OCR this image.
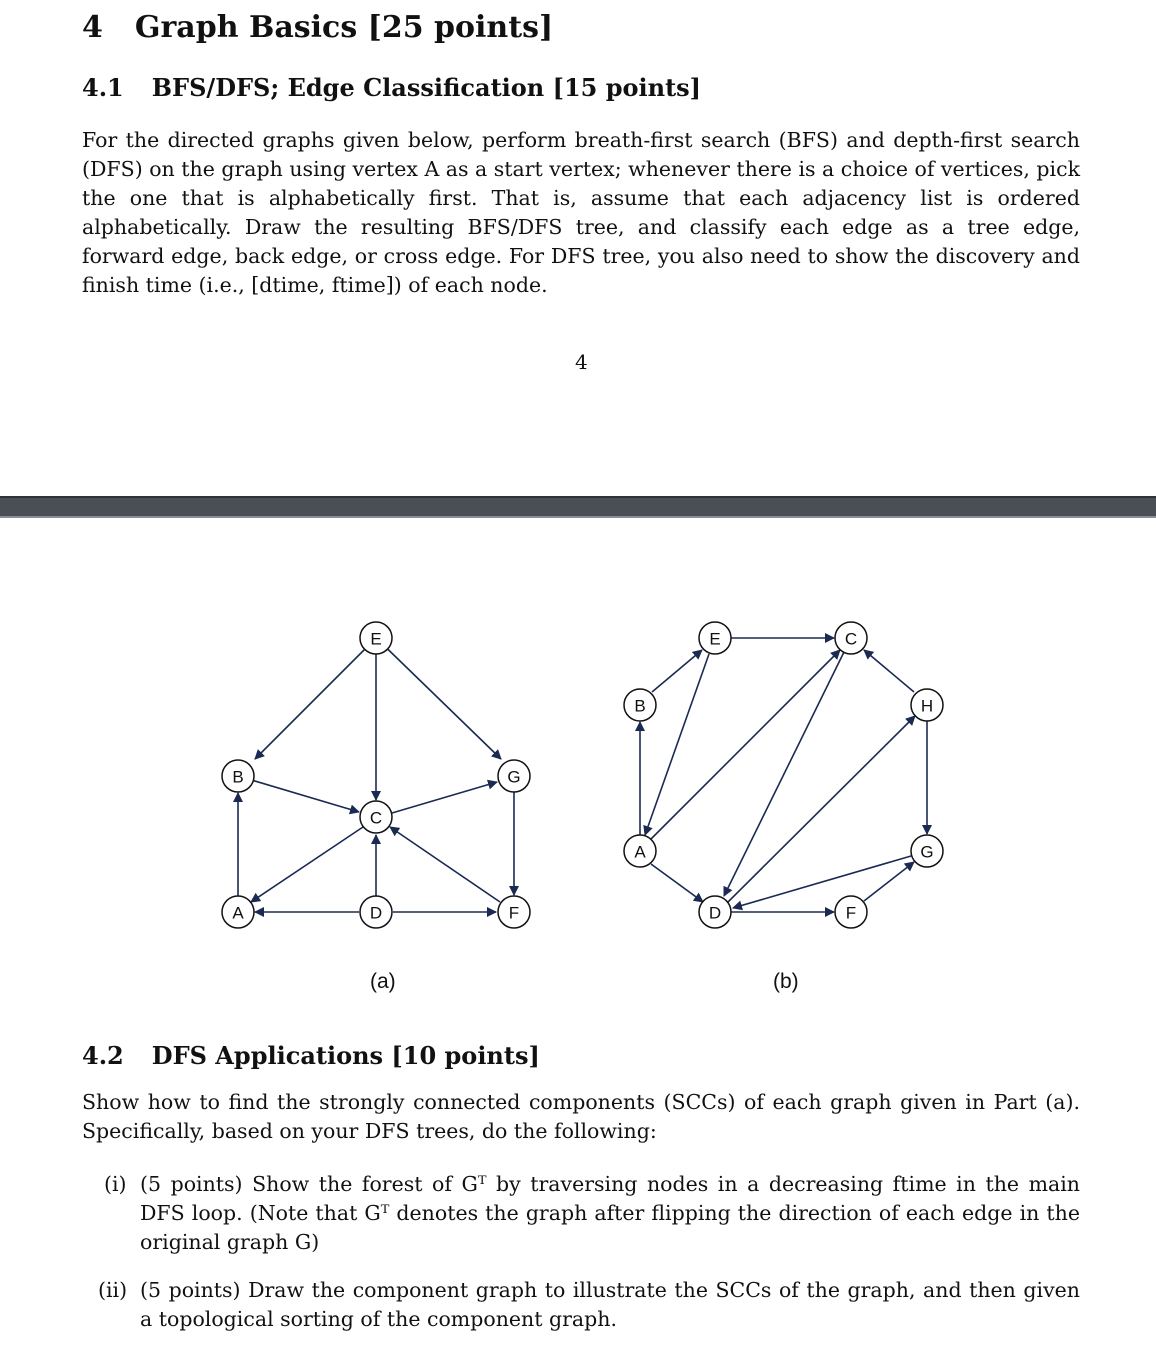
4 Graph Basics [25 points]
4.1 BFS/DFS; Edge Classification [15 points]
For the directed graphs given below, perform breath-first search (BFS) and depth-first search (DFS) on the graph using vertex A as a start vertex; whenever there is a choice of vertices, pick the one that is alphabetically first. That is, assume that each adjacency list is ordered alphabetically. Draw the resulting BFS/DFS tree, and classify each edge as a tree edge, forward edge, back edge, or cross edge. For DFS tree, you also need to show the discovery and finish time (i.e., [dtime, ftime]) of each node.
4
E
B	G
C
A	D	F
E	C
B	H
A	G
D	F
(a)	(b)
4.2 DFS Applications [10 points]
Show how to find the strongly connected components (SCCs) of each graph given in Part (a). Specifically, based on your DFS trees, do the following:
(i) (5 points) Show the forest of Gᵀ by traversing nodes in a decreasing ftime in the main DFS loop. (Note that Gᵀ denotes the graph after flipping the direction of each edge in the original graph G)
(ii) (5 points) Draw the component graph to illustrate the SCCs of the graph, and then given a topological sorting of the component graph.
